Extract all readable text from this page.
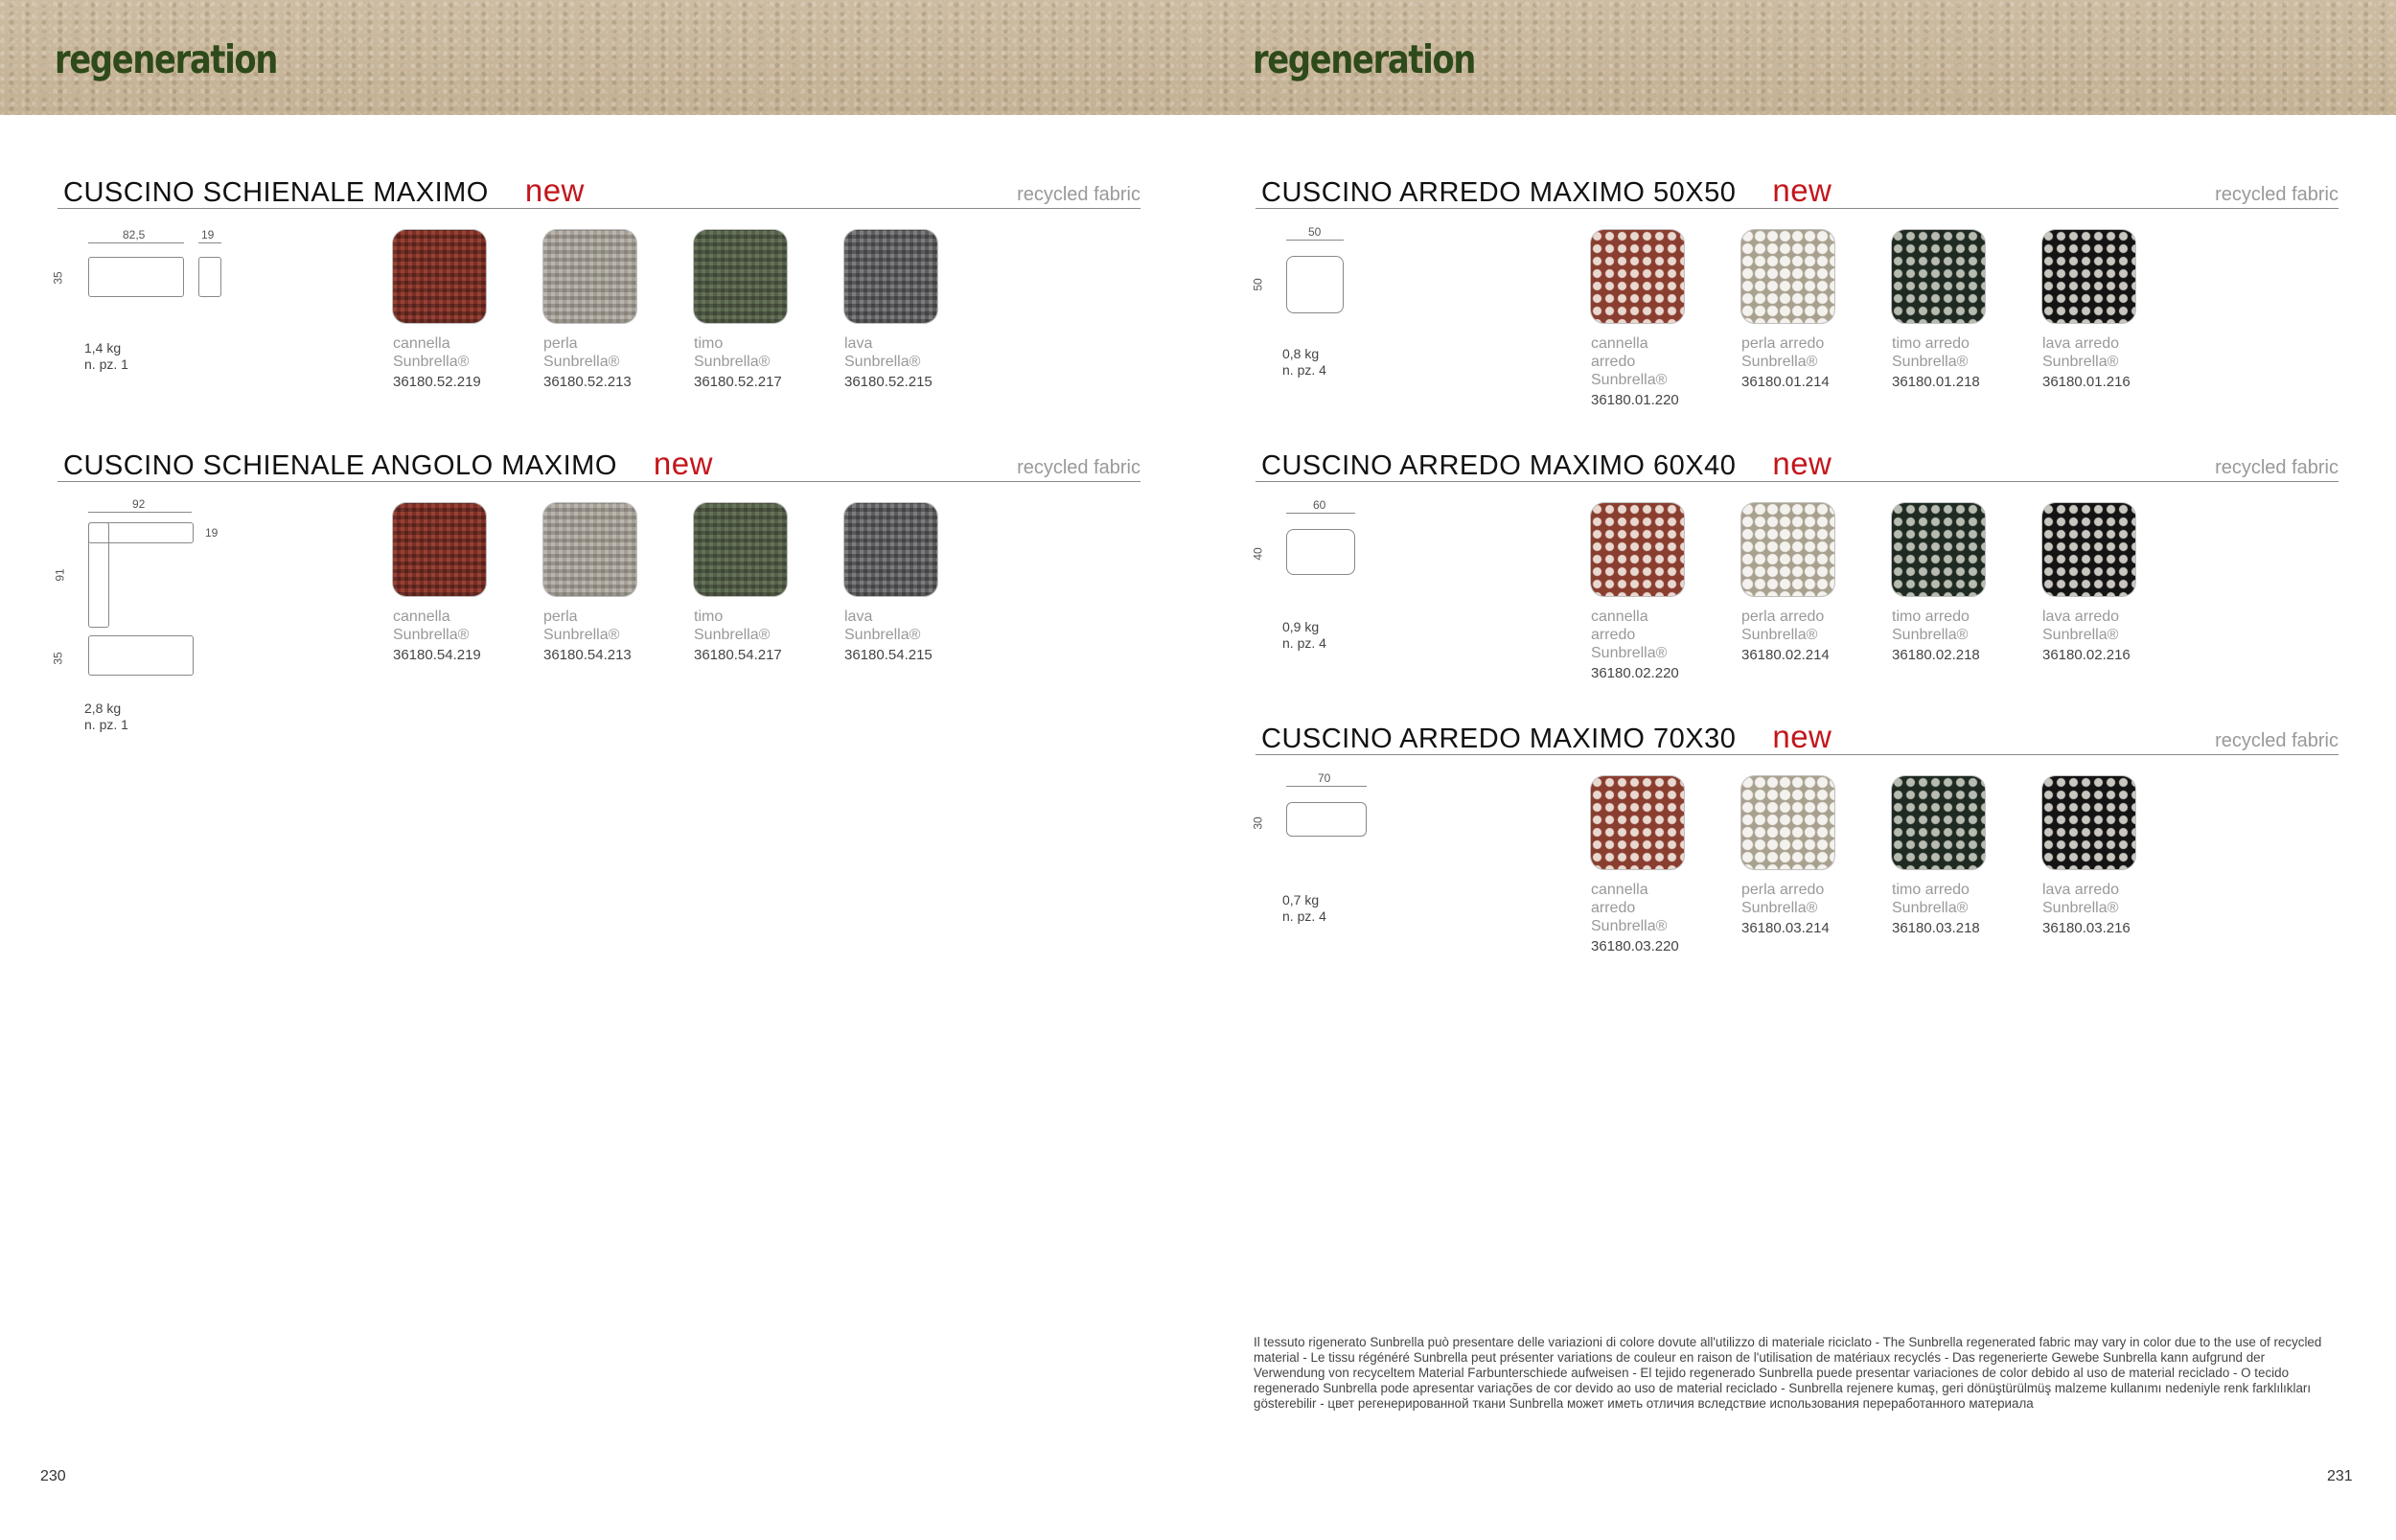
regeneration	regeneration
CUSCINO SCHIENALE MAXIMO new	recycled fabric
82,5	19
35
1,4 kg
n. pz. 1
cannella
Sunbrella®
36180.52.219
perla
Sunbrella®
36180.52.213
timo
Sunbrella®
36180.52.217
lava
Sunbrella®
36180.52.215
CUSCINO SCHIENALE ANGOLO MAXIMO new	recycled fabric
92
19
91
35
2,8 kg
n. pz. 1
cannella
Sunbrella®
36180.54.219
perla
Sunbrella®
36180.54.213
timo
Sunbrella®
36180.54.217
lava
Sunbrella®
36180.54.215
CUSCINO ARREDO MAXIMO 50X50 new	recycled fabric
50
50
0,8 kg
n. pz. 4
cannella arredo
Sunbrella®
36180.01.220
perla arredo
Sunbrella®
36180.01.214
timo arredo
Sunbrella®
36180.01.218
lava arredo
Sunbrella®
36180.01.216
CUSCINO ARREDO MAXIMO 60X40 new	recycled fabric
60
40
0,9 kg
n. pz. 4
cannella arredo
Sunbrella®
36180.02.220
perla arredo
Sunbrella®
36180.02.214
timo arredo
Sunbrella®
36180.02.218
lava arredo
Sunbrella®
36180.02.216
CUSCINO ARREDO MAXIMO 70X30 new	recycled fabric
70
30
0,7 kg
n. pz. 4
cannella arredo
Sunbrella®
36180.03.220
perla arredo
Sunbrella®
36180.03.214
timo arredo
Sunbrella®
36180.03.218
lava arredo
Sunbrella®
36180.03.216
Il tessuto rigenerato Sunbrella può presentare delle variazioni di colore dovute all'utilizzo di materiale riciclato - The Sunbrella regenerated fabric may vary in color due to the use of recycled material - Le tissu régénéré Sunbrella peut présenter variations de couleur en raison de l'utilisation de matériaux recyclés - Das regenerierte Gewebe Sunbrella kann aufgrund der Verwendung von recyceltem Material Farbunterschiede aufweisen - El tejido regenerado Sunbrella puede presentar variaciones de color debido al uso de material reciclado - O tecido regenerado Sunbrella pode apresentar variações de cor devido ao uso de material reciclado - Sunbrella rejenere kumaş, geri dönüştürülmüş malzeme kullanımı nedeniyle renk farklılıkları gösterebilir - цвет регенерированной ткани Sunbrella может иметь отличия вследствие использования переработанного материала
230	231
